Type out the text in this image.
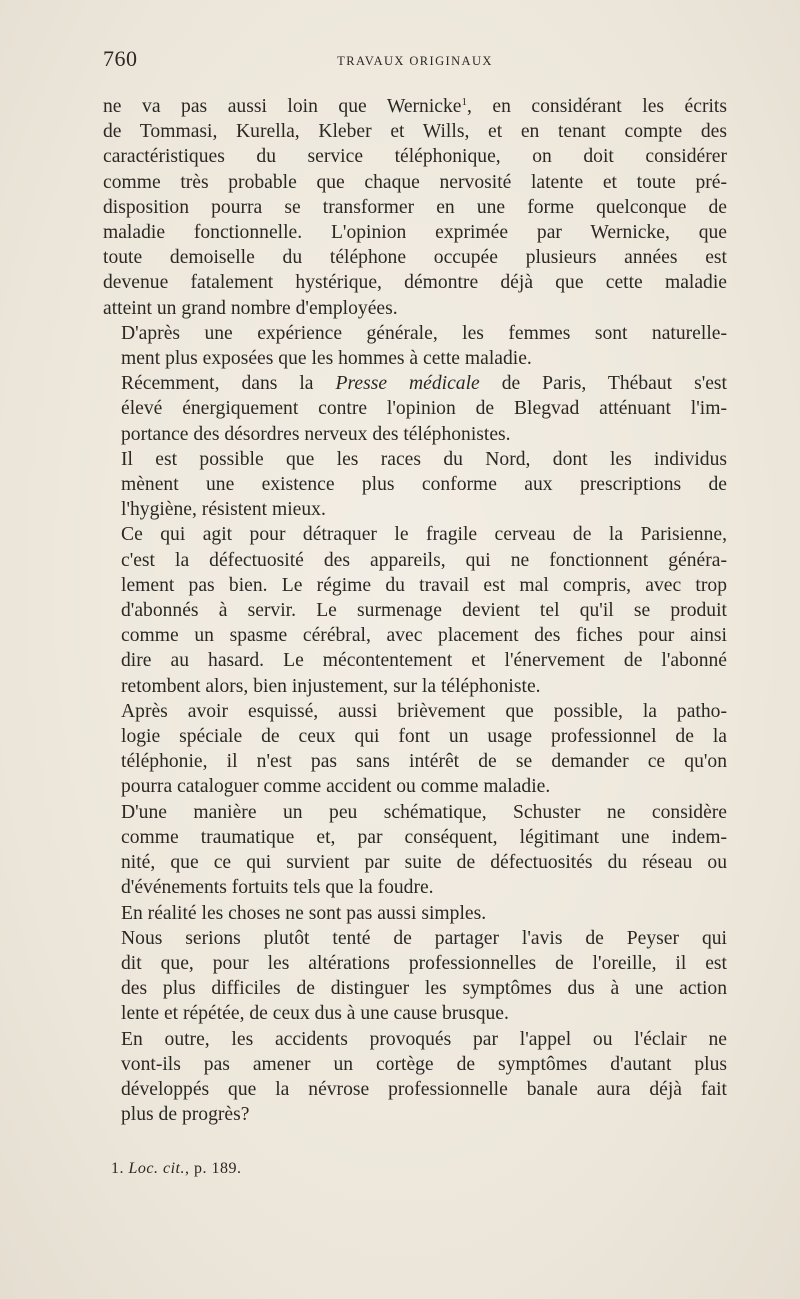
760	TRAVAUX ORIGINAUX

ne va pas aussi loin que Wernicke$^1$, en considérant les écrits
de Tommasi, Kurella, Kleber et Wills, et en tenant compte des
caractéristiques du service téléphonique, on doit considérer
comme très probable que chaque nervosité latente et toute pré-
disposition pourra se transformer en une forme quelconque de
maladie fonctionnelle. L'opinion exprimée par Wernicke, que
toute demoiselle du téléphone occupée plusieurs années est
devenue fatalement hystérique, démontre déjà que cette maladie
atteint un grand nombre d'employées.

D'après une expérience générale, les femmes sont naturelle-
ment plus exposées que les hommes à cette maladie.

Récemment, dans la Presse médicale de Paris, Thébaut s'est
élevé énergiquement contre l'opinion de Blegvad atténuant l'im-
portance des désordres nerveux des téléphonistes.

Il est possible que les races du Nord, dont les individus
mènent une existence plus conforme aux prescriptions de
l'hygiène, résistent mieux.

Ce qui agit pour détraquer le fragile cerveau de la Parisienne,
c'est la défectuosité des appareils, qui ne fonctionnent généra-
lement pas bien. Le régime du travail est mal compris, avec trop
d'abonnés à servir. Le surmenage devient tel qu'il se produit
comme un spasme cérébral, avec placement des fiches pour ainsi
dire au hasard. Le mécontentement et l'énervement de l'abonné
retombent alors, bien injustement, sur la téléphoniste.

Après avoir esquissé, aussi brièvement que possible, la patho-
logie spéciale de ceux qui font un usage professionnel de la
téléphonie, il n'est pas sans intérêt de se demander ce qu'on
pourra cataloguer comme accident ou comme maladie.

D'une manière un peu schématique, Schuster ne considère
comme traumatique et, par conséquent, légitimant une indem-
nité, que ce qui survient par suite de défectuosités du réseau ou
d'événements fortuits tels que la foudre.

En réalité les choses ne sont pas aussi simples.

Nous serions plutôt tenté de partager l'avis de Peyser qui
dit que, pour les altérations professionnelles de l'oreille, il est
des plus difficiles de distinguer les symptômes dus à une action
lente et répétée, de ceux dus à une cause brusque.

En outre, les accidents provoqués par l'appel ou l'éclair ne
vont-ils pas amener un cortège de symptômes d'autant plus
développés que la névrose professionnelle banale aura déjà fait
plus de progrès?

1. Loc. cit., p. 189.
